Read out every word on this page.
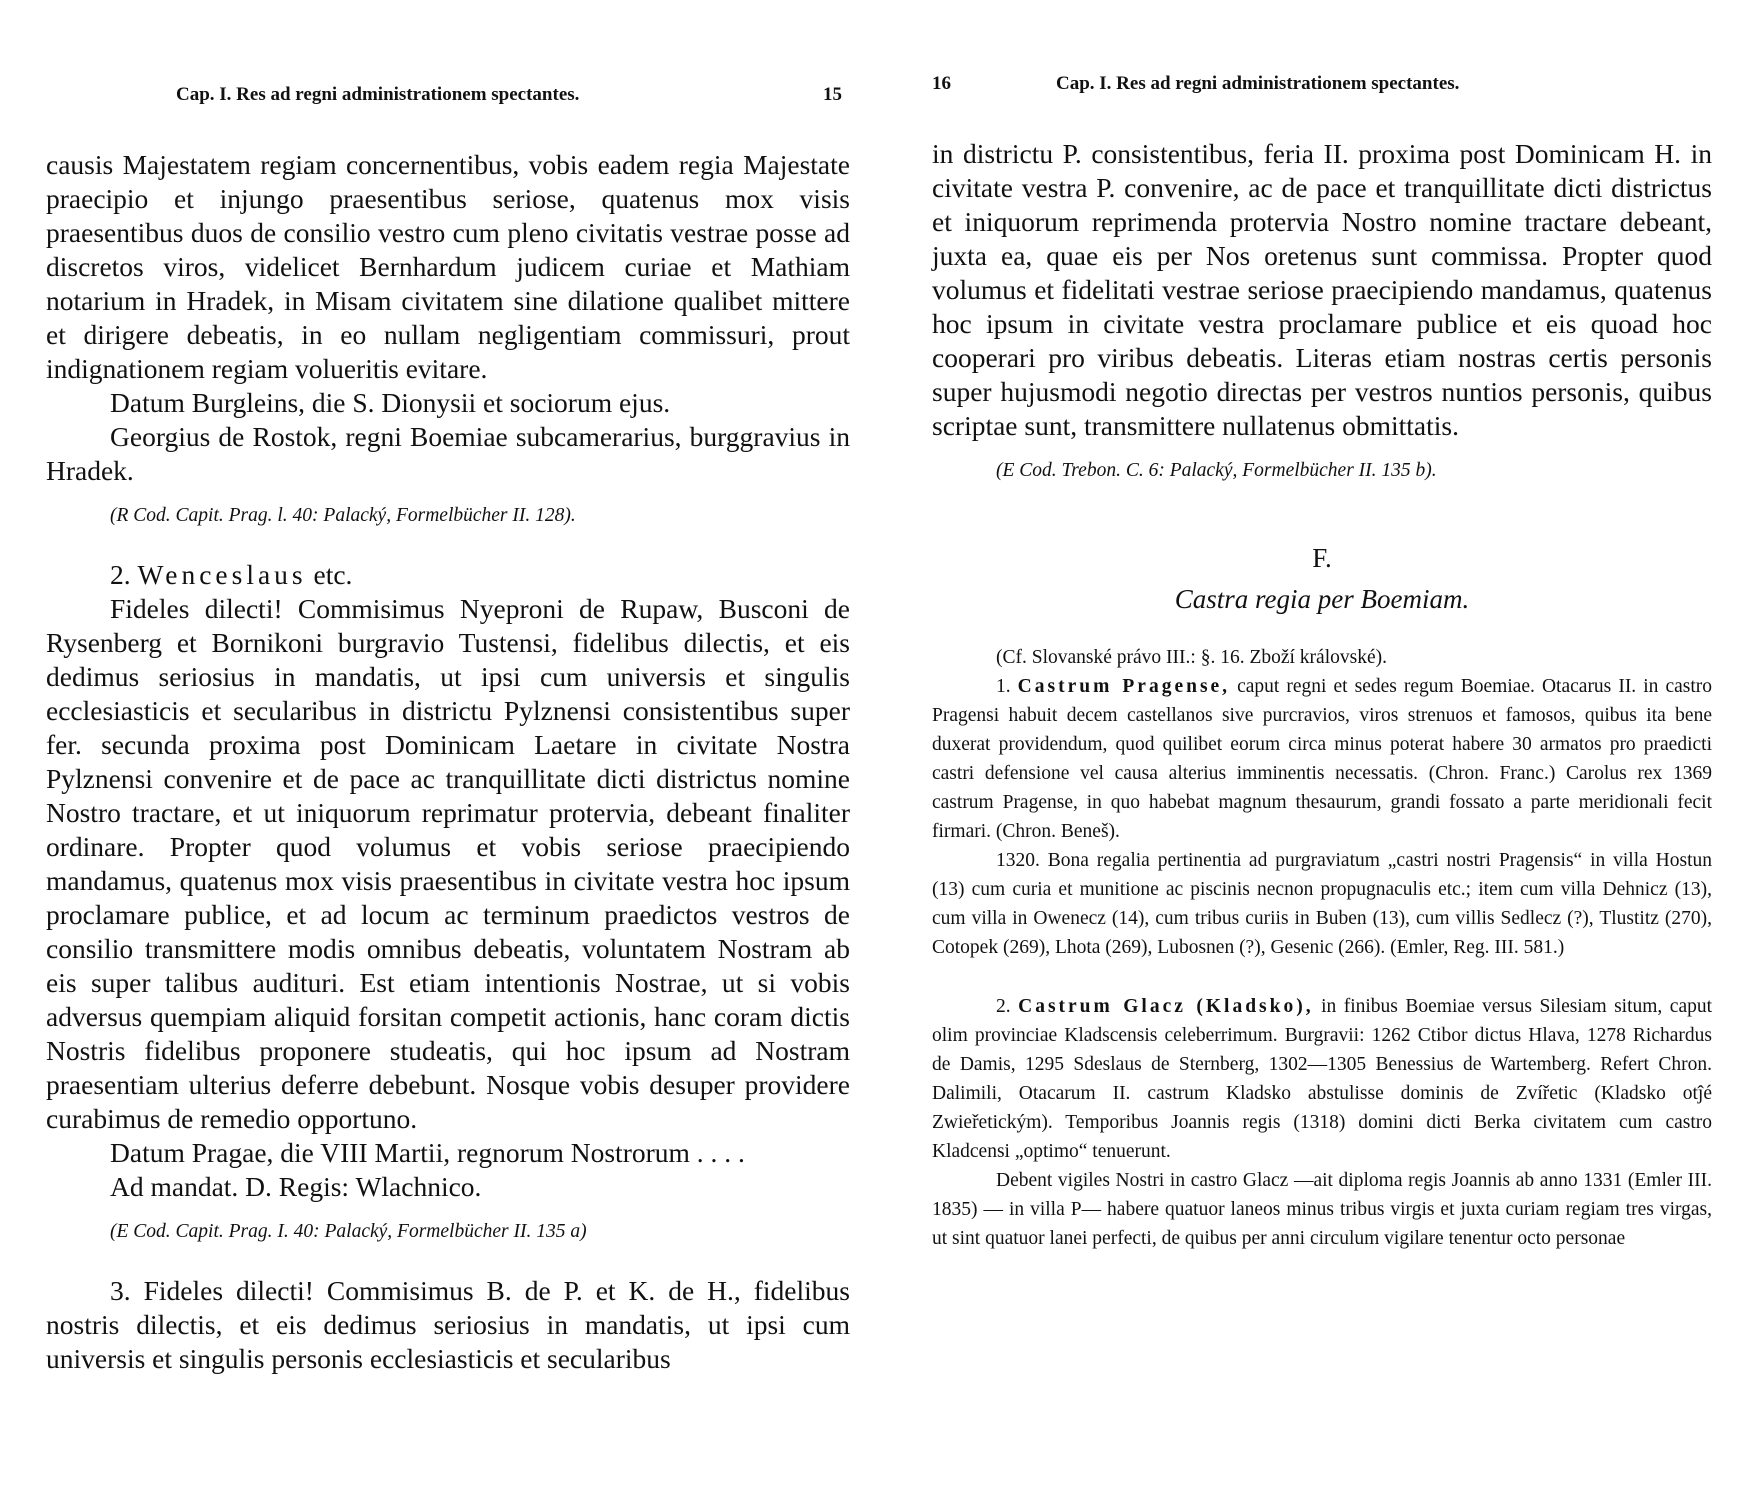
Cap. I. Res ad regni administrationem spectantes.	15

causis Majestatem regiam concernentibus, vobis eadem regia Majestate praecipio et injungo praesentibus seriose, quatenus mox visis praesentibus duos de consilio vestro cum pleno civitatis vestrae posse ad discretos viros, videlicet Bernhardum judicem curiae et Mathiam notarium in Hradek, in Misam civitatem sine dilatione qualibet mittere et dirigere debeatis, in eo nullam negligentiam commissuri, prout indignationem regiam volueritis evitare.

Datum Burgleins, die S. Dionysii et sociorum ejus.

Georgius de Rostok, regni Boemiae subcamerarius, burggravius in Hradek.

(R Cod. Capit. Prag. l. 40: Palacký, Formelbücher II. 128).

2. Wenceslaus etc.

Fideles dilecti! Commisimus Nyeproni de Rupaw, Busconi de Rysenberg et Bornikoni burgravio Tustensi, fidelibus dilectis, et eis dedimus seriosius in mandatis, ut ipsi cum universis et singulis ecclesiasticis et secularibus in districtu Pylznensi consistentibus super fer. secunda proxima post Dominicam Laetare in civitate Nostra Pylznensi convenire et de pace ac tranquillitate dicti districtus nomine Nostro tractare, et ut iniquorum reprimatur protervia, debeant finaliter ordinare. Propter quod volumus et vobis seriose praecipiendo mandamus, quatenus mox visis praesentibus in civitate vestra hoc ipsum proclamare publice, et ad locum ac terminum praedictos vestros de consilio transmittere modis omnibus debeatis, voluntatem Nostram ab eis super talibus audituri. Est etiam intentionis Nostrae, ut si vobis adversus quempiam aliquid forsitan competit actionis, hanc coram dictis Nostris fidelibus proponere studeatis, qui hoc ipsum ad Nostram praesentiam ulterius deferre debebunt. Nosque vobis desuper providere curabimus de remedio opportuno.

Datum Pragae, die VIII Martii, regnorum Nostrorum . . . .

Ad mandat. D. Regis: Wlachnico.

(E Cod. Capit. Prag. I. 40: Palacký, Formelbücher II. 135 a)

3. Fideles dilecti! Commisimus B. de P. et K. de H., fidelibus nostris dilectis, et eis dedimus seriosius in mandatis, ut ipsi cum universis et singulis personis ecclesiasticis et secularibus

16	Cap. I. Res ad regni administrationem spectantes.

in districtu P. consistentibus, feria II. proxima post Dominicam H. in civitate vestra P. convenire, ac de pace et tranquillitate dicti districtus et iniquorum reprimenda protervia Nostro nomine tractare debeant, juxta ea, quae eis per Nos oretenus sunt commissa. Propter quod volumus et fidelitati vestrae seriose praecipiendo mandamus, quatenus hoc ipsum in civitate vestra proclamare publice et eis quoad hoc cooperari pro viribus debeatis. Literas etiam nostras certis personis super hujusmodi negotio directas per vestros nuntios personis, quibus scriptae sunt, transmittere nullatenus obmittatis.

(E Cod. Trebon. C. 6: Palacký, Formelbücher II. 135 b).
F.
Castra regia per Boemiam.

(Cf. Slovanské právo III.: §. 16. Zboží královské).

1. Castrum Pragense, caput regni et sedes regum Boemiae. Otacarus II. in castro Pragensi habuit decem castellanos sive purcravios, viros strenuos et famosos, quibus ita bene duxerat providendum, quod quilibet eorum circa minus poterat habere 30 armatos pro praedicti castri defensione vel causa alterius imminentis necessatis. (Chron. Franc.) Carolus rex 1369 castrum Pragense, in quo habebat magnum thesaurum, grandi fossato a parte meridionali fecit firmari. (Chron. Beneš).

1320. Bona regalia pertinentia ad purgraviatum „castri nostri Pragensis“ in villa Hostun (13) cum curia et munitione ac piscinis necnon propugnaculis etc.; item cum villa Dehnicz (13), cum villa in Owenecz (14), cum tribus curiis in Buben (13), cum villis Sedlecz (?), Tlustitz (270), Cotopek (269), Lhota (269), Lubosnen (?), Gesenic (266). (Emler, Reg. III. 581.)

2. Castrum Glacz (Kladsko), in finibus Boemiae versus Silesiam situm, caput olim provinciae Kladscensis celeberrimum. Burgravii: 1262 Ctibor dictus Hlava, 1278 Richardus de Damis, 1295 Sdeslaus de Sternberg, 1302—1305 Benessius de Wartemberg. Refert Chron. Dalimili, Otacarum II. castrum Kladsko abstulisse dominis de Zvířetic (Kladsko otĵé Zwieřetickým). Temporibus Joannis regis (1318) domini dicti Berka civitatem cum castro Kladcensi „optimo“ tenuerunt.

Debent vigiles Nostri in castro Glacz —ait diploma regis Joannis ab anno 1331 (Emler III. 1835) — in villa P— habere quatuor laneos minus tribus virgis et juxta curiam regiam tres virgas, ut sint quatuor lanei perfecti, de quibus per anni circulum vigilare tenentur octo personae
